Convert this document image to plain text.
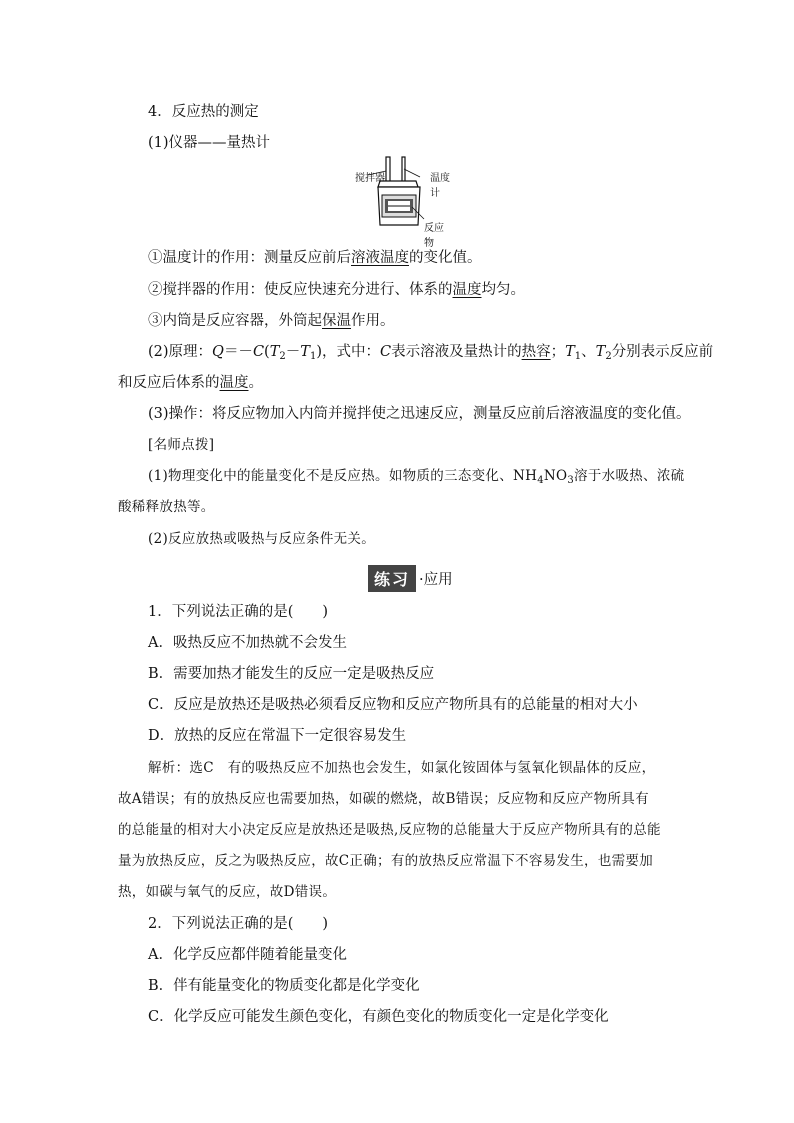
4．反应热的测定
(1)仪器——量热计
搅拌器	温度计
反应物
①温度计的作用：测量反应前后溶液温度的变化值。
②搅拌器的作用：使反应快速充分进行、体系的温度均匀。
③内筒是反应容器，外筒起保温作用。
(2)原理：$Q=-C(T_2-T_1)$，式中：C表示溶液及量热计的热容；$T_1$、$T_2$分别表示反应前
和反应后体系的温度。
(3)操作：将反应物加入内筒并搅拌使之迅速反应，测量反应前后溶液温度的变化值。
[名师点拨]
(1)物理变化中的能量变化不是反应热。如物质的三态变化、$NH_4NO_3$溶于水吸热、浓硫
酸稀释放热等。
(2)反应放热或吸热与反应条件无关。
练习 ·应用
1．下列说法正确的是(　　)
A．吸热反应不加热就不会发生
B．需要加热才能发生的反应一定是吸热反应
C．反应是放热还是吸热必须看反应物和反应产物所具有的总能量的相对大小
D．放热的反应在常温下一定很容易发生
解析：选C　有的吸热反应不加热也会发生，如氯化铵固体与氢氧化钡晶体的反应，
故A错误；有的放热反应也需要加热，如碳的燃烧，故B错误；反应物和反应产物所具有
的总能量的相对大小决定反应是放热还是吸热,反应物的总能量大于反应产物所具有的总能
量为放热反应，反之为吸热反应，故C正确；有的放热反应常温下不容易发生，也需要加
热，如碳与氧气的反应，故D错误。
2．下列说法正确的是(　　)
A．化学反应都伴随着能量变化
B．伴有能量变化的物质变化都是化学变化
C．化学反应可能发生颜色变化，有颜色变化的物质变化一定是化学变化
